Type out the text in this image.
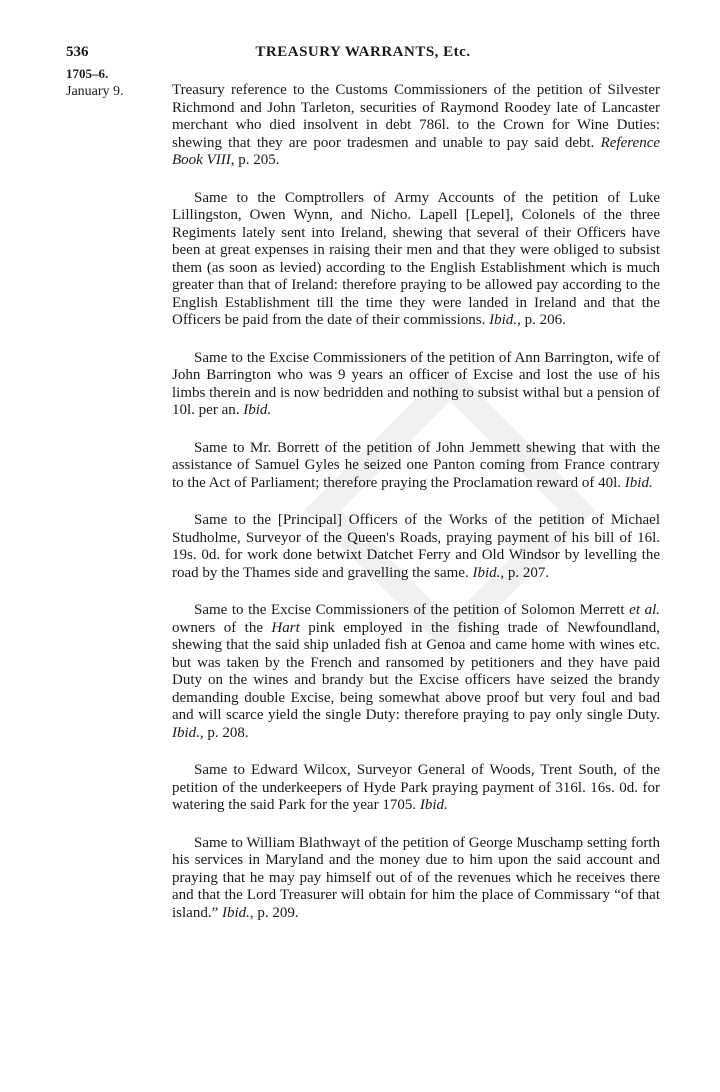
536	TREASURY WARRANTS, Etc.
1705–6.
January 9.	Treasury reference to the Customs Commissioners of the petition of Silvester Richmond and John Tarleton, securities of Raymond Roodey late of Lancaster merchant who died insolvent in debt 786l. to the Crown for Wine Duties: shewing that they are poor tradesmen and unable to pay said debt. Reference Book VIII, p. 205.

Same to the Comptrollers of Army Accounts of the petition of Luke Lillingston, Owen Wynn, and Nicho. Lapell [Lepel], Colonels of the three Regiments lately sent into Ireland, shewing that several of their Officers have been at great expenses in raising their men and that they were obliged to subsist them (as soon as levied) according to the English Establishment which is much greater than that of Ireland: therefore praying to be allowed pay according to the English Establishment till the time they were landed in Ireland and that the Officers be paid from the date of their commissions. Ibid., p. 206.

Same to the Excise Commissioners of the petition of Ann Barrington, wife of John Barrington who was 9 years an officer of Excise and lost the use of his limbs therein and is now bedridden and nothing to subsist withal but a pension of 10l. per an. Ibid.

Same to Mr. Borrett of the petition of John Jemmett shewing that with the assistance of Samuel Gyles he seized one Panton coming from France contrary to the Act of Parliament; therefore praying the Proclamation reward of 40l. Ibid.

Same to the [Principal] Officers of the Works of the petition of Michael Studholme, Surveyor of the Queen's Roads, praying payment of his bill of 16l. 19s. 0d. for work done betwixt Datchet Ferry and Old Windsor by levelling the road by the Thames side and gravelling the same. Ibid., p. 207.

Same to the Excise Commissioners of the petition of Solomon Merrett et al. owners of the Hart pink employed in the fishing trade of Newfoundland, shewing that the said ship unladed fish at Genoa and came home with wines etc. but was taken by the French and ransomed by petitioners and they have paid Duty on the wines and brandy but the Excise officers have seized the brandy demanding double Excise, being somewhat above proof but very foul and bad and will scarce yield the single Duty: therefore praying to pay only single Duty. Ibid., p. 208.

Same to Edward Wilcox, Surveyor General of Woods, Trent South, of the petition of the underkeepers of Hyde Park praying payment of 316l. 16s. 0d. for watering the said Park for the year 1705. Ibid.

Same to William Blathwayt of the petition of George Muschamp setting forth his services in Maryland and the money due to him upon the said account and praying that he may pay himself out of of the revenues which he receives there and that the Lord Treasurer will obtain for him the place of Commissary “of that island.” Ibid., p. 209.
